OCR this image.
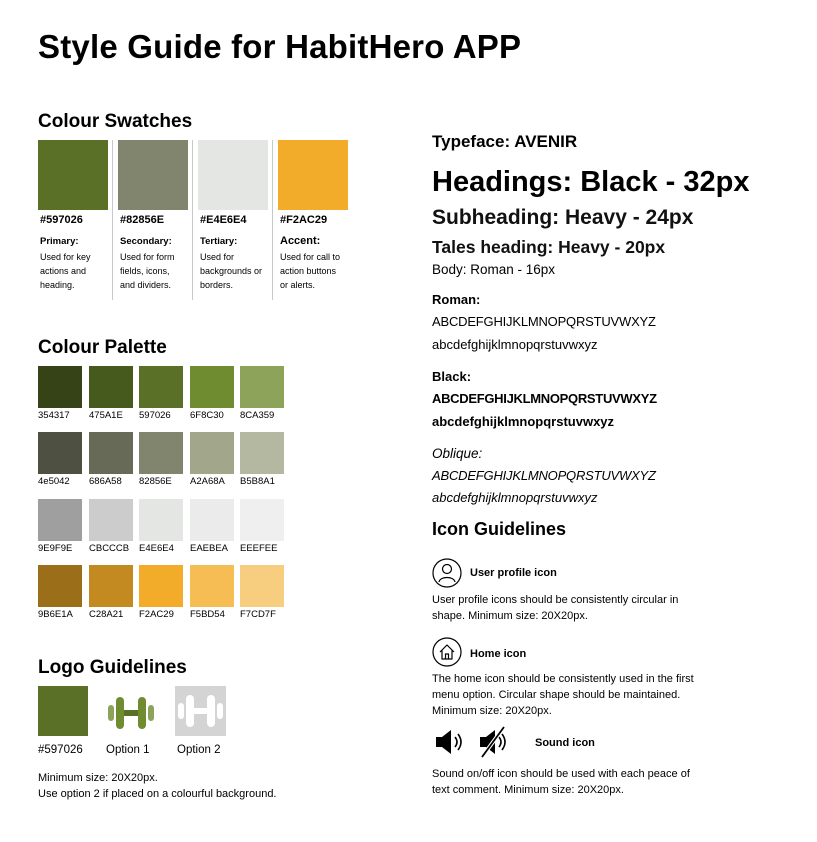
Style Guide for HabitHero APP
Colour Swatches
#597026
Primary:
Used for key
actions and
heading.
#82856E
Secondary:
Used for form
fields, icons,
and dividers.
#E4E6E4
Tertiary:
Used for
backgrounds or
borders.
#F2AC29
Accent:
Used for call to
action buttons
or alerts.
Colour Palette
354317 475A1E 597026 6F8C30 8CA359
4e5042 686A58 82856E A2A68A B5B8A1
9E9F9E CBCCCB E4E6E4 EAEBEA EEEFEE
9B6E1A C28A21 F2AC29 F5BD54 F7CD7F
Logo Guidelines
#597026 Option 1 Option 2
Minimum size: 20X20px.
Use option 2 if placed on a colourful background.
Typeface: AVENIR
Headings: Black - 32px
Subheading: Heavy - 24px
Tales heading: Heavy - 20px
Body: Roman - 16px
Roman:
ABCDEFGHIJKLMNOPQRSTUVWXYZ
abcdefghijklmnopqrstuvwxyz
Black:
ABCDEFGHIJKLMNOPQRSTUVWXYZ
abcdefghijklmnopqrstuvwxyz
Oblique:
ABCDEFGHIJKLMNOPQRSTUVWXYZ
abcdefghijklmnopqrstuvwxyz
Icon Guidelines
User profile icon
User profile icons should be consistently circular in
shape. Minimum size: 20X20px.
Home icon
The home icon should be consistently used in the first
menu option. Circular shape should be maintained.
Minimum size: 20X20px.
Sound icon
Sound on/off icon should be used with each peace of
text comment. Minimum size: 20X20px.
